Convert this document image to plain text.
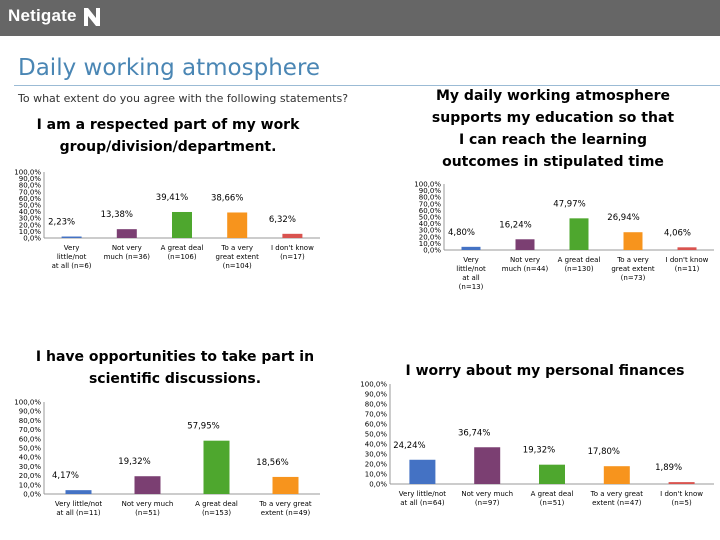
Netigate
Daily working atmosphere
To what extent do you agree with the following statements?
I am a respected part of my work group/division/department.
My daily working atmosphere supports my education so that I can reach the learning outcomes in stipulated time
I have opportunities to take part in scientific discussions.	I worry about my personal finances
0,0%
10,0%
20,0%
30,0%
40,0%
50,0%
60,0%
70,0%
80,0%
90,0%
100,0%
2,23%
Very little/not at all (n=6)
13,38%
Not very much (n=36)
39,41%
A great deal (n=106)
38,66%
To a very great extent (n=104)
6,32%
I don't know (n=17)
0,0%
10,0%
20,0%
30,0%
40,0%
50,0%
60,0%
70,0%
80,0%
90,0%
100,0%
4,80%
Very little/not at all (n=13)
16,24%
Not very much (n=44)
47,97%
A great deal (n=130)
26,94%
To a very great extent (n=73)
4,06%
I don't know (n=11)
0,0%
10,0%
20,0%
30,0%
40,0%
50,0%
60,0%
70,0%
80,0%
90,0%
100,0%
4,17%
Very little/not at all (n=11)
19,32%
Not very much (n=51)
57,95%
A great deal (n=153)
18,56%
To a very great extent (n=49)
0,0%
10,0%
20,0%
30,0%
40,0%
50,0%
60,0%
70,0%
80,0%
90,0%
100,0%
24,24%
Very little/not at all (n=64)
36,74%
Not very much (n=97)
19,32%
A great deal (n=51)
17,80%
To a very great extent (n=47)
1,89%
I don't know (n=5)
